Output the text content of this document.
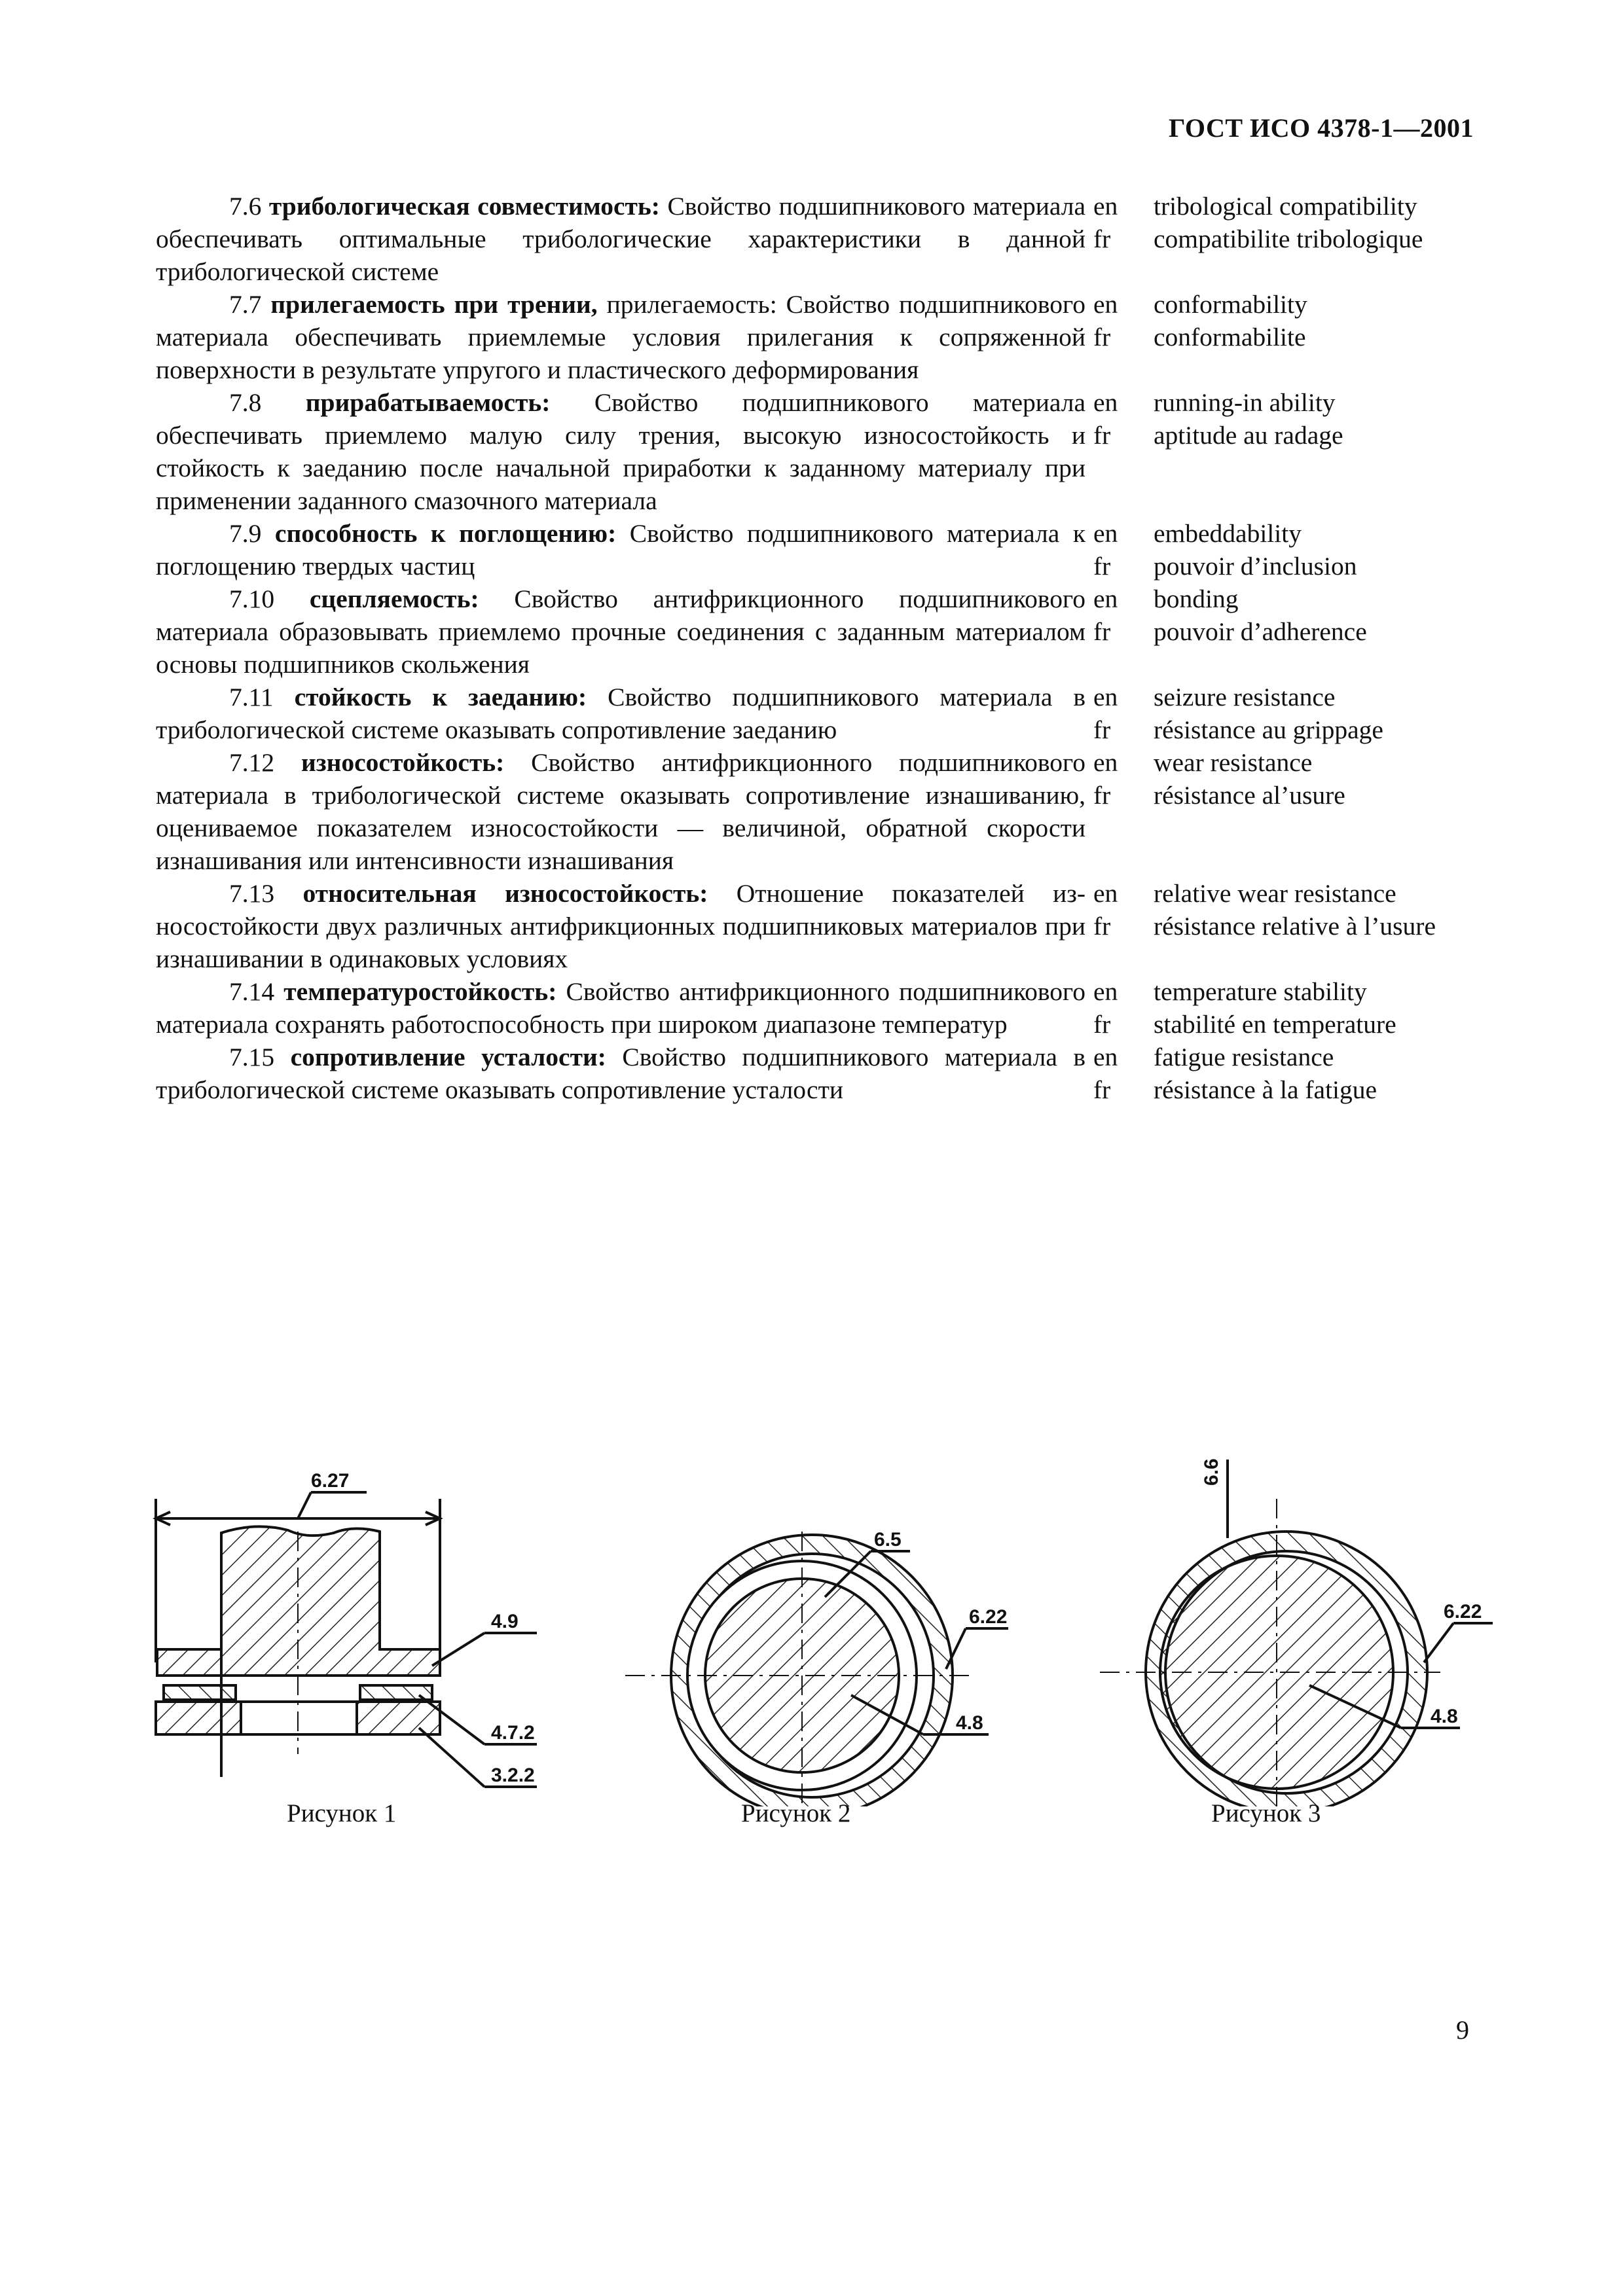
ГОСТ ИСО 4378-1—2001
7.6 трибологическая совместимость: Свойство подшипникового материала обеспечивать оптимальные трибологические характеристики в данной трибологической системе
en
fr
tribological compatibility
compatibilite tribologique
7.7 прилегаемость при трении, прилегаемость: Свойство подшипникового материала обеспечивать приемлемые условия прилегания к сопряженной поверхности в результате упругого и пластического деформирования
en
fr
conformability
conformabilite
7.8 прирабатываемость: Свойство подшипникового материала обеспечивать приемлемо малую силу трения, высокую износостойкость и стойкость к заеданию после начальной приработки к заданному материалу при применении заданного смазочного материала
en
fr
running-in ability
aptitude au radage
7.9 способность к поглощению: Свойство подшипникового материала к поглощению твердых частиц
en
fr
embeddability
pouvoir d’inclusion
7.10 сцепляемость: Свойство антифрикционного подшипникового материала образовывать приемлемо прочные соединения с заданным материалом основы подшипников скольжения
en
fr
bonding
pouvoir d’adherence
7.11 стойкость к заеданию: Свойство подшипникового материала в трибологической системе оказывать сопротивление заеданию
en
fr
seizure resistance
résistance au grippage
7.12 износостойкость: Свойство антифрикционного подшипникового материала в трибологической системе оказывать сопротивление изнашиванию, оцениваемое показателем износостойкости — величиной, обратной скорости изнашивания или интенсивности изнашивания
en
fr
wear resistance
résistance al’usure
7.13 относительная износостойкость: Отношение показателей износостойкости двух различных антифрикционных подшипниковых материалов при изнашивании в одинаковых условиях
en
fr
relative wear resistance
résistance relative à l’usure
7.14 температуростойкость: Свойство антифрикционного подшипникового материала сохранять работоспособность при широком диапазоне температур
en
fr
temperature stability
stabilité en temperature
7.15 сопротивление усталости: Свойство подшипникового материала в трибологической системе оказывать сопротивление усталости
en
fr
fatigue resistance
résistance à la fatigue
6.27
4.9
4.7.2
3.2.2
6.5
6.22
4.8
6.6
6.22
4.8
Рисунок 1	Рисунок 2	Рисунок 3
9
